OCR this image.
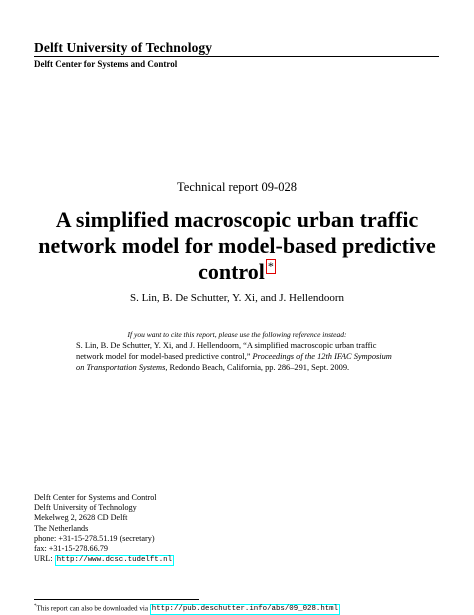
Delft University of Technology
Delft Center for Systems and Control
Technical report 09-028
A simplified macroscopic urban traffic
network model for model-based predictive
control *
S. Lin, B. De Schutter, Y. Xi, and J. Hellendoorn
If you want to cite this report, please use the following reference instead:
S. Lin, B. De Schutter, Y. Xi, and J. Hellendoorn, “A simplified macroscopic urban traffic network model for model-based predictive control,” Proceedings of the 12th IFAC Symposium on Transportation Systems, Redondo Beach, California, pp. 286–291, Sept. 2009.
Delft Center for Systems and Control
Delft University of Technology
Mekelweg 2, 2628 CD Delft
The Netherlands
phone: +31-15-278.51.19 (secretary)
fax: +31-15-278.66.79
URL: http://www.dcsc.tudelft.nl
*This report can also be downloaded via http://pub.deschutter.info/abs/09_028.html
